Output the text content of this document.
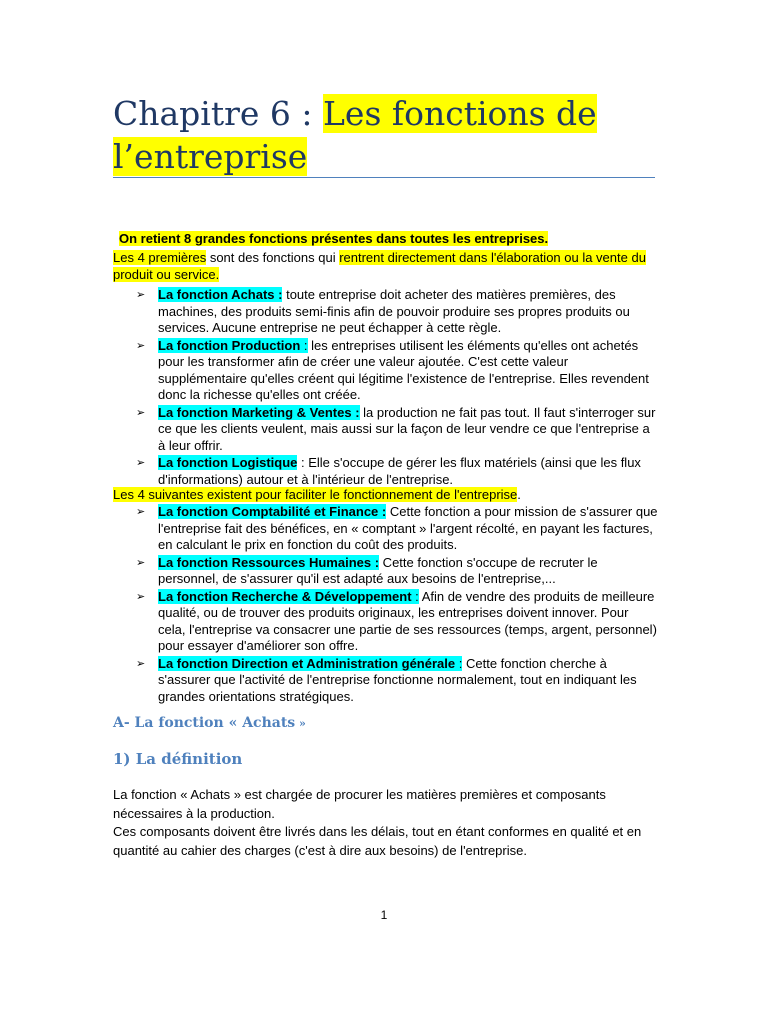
Chapitre 6 : Les fonctions de
l’entreprise
On retient 8 grandes fonctions présentes dans toutes les entreprises.
Les 4 premières sont des fonctions qui rentrent directement dans l'élaboration ou la vente du produit ou service.
➢ La fonction Achats : toute entreprise doit acheter des matières premières, des machines, des produits semi-finis afin de pouvoir produire ses propres produits ou services. Aucune entreprise ne peut échapper à cette règle.
➢ La fonction Production : les entreprises utilisent les éléments qu'elles ont achetés pour les transformer afin de créer une valeur ajoutée. C'est cette valeur supplémentaire qu'elles créent qui légitime l'existence de l'entreprise. Elles revendent donc la richesse qu'elles ont créée.
➢ La fonction Marketing & Ventes : la production ne fait pas tout. Il faut s'interroger sur ce que les clients veulent, mais aussi sur la façon de leur vendre ce que l'entreprise a à leur offrir.
➢ La fonction Logistique : Elle s'occupe de gérer les flux matériels (ainsi que les flux d'informations) autour et à l'intérieur de l'entreprise.
Les 4 suivantes existent pour faciliter le fonctionnement de l'entreprise.
➢ La fonction Comptabilité et Finance : Cette fonction a pour mission de s'assurer que l'entreprise fait des bénéfices, en « comptant » l'argent récolté, en payant les factures, en calculant le prix en fonction du coût des produits.
➢ La fonction Ressources Humaines : Cette fonction s'occupe de recruter le personnel, de s'assurer qu'il est adapté aux besoins de l'entreprise,...
➢ La fonction Recherche & Développement : Afin de vendre des produits de meilleure qualité, ou de trouver des produits originaux, les entreprises doivent innover. Pour cela, l'entreprise va consacrer une partie de ses ressources (temps, argent, personnel) pour essayer d'améliorer son offre.
➢ La fonction Direction et Administration générale : Cette fonction cherche à s'assurer que l'activité de l'entreprise fonctionne normalement, tout en indiquant les grandes orientations stratégiques.
A- La fonction « Achats »
1) La définition

La fonction « Achats » est chargée de procurer les matières premières et composants nécessaires à la production.

Ces composants doivent être livrés dans les délais, tout en étant conformes en qualité et en quantité au cahier des charges (c'est à dire aux besoins) de l'entreprise.

1
